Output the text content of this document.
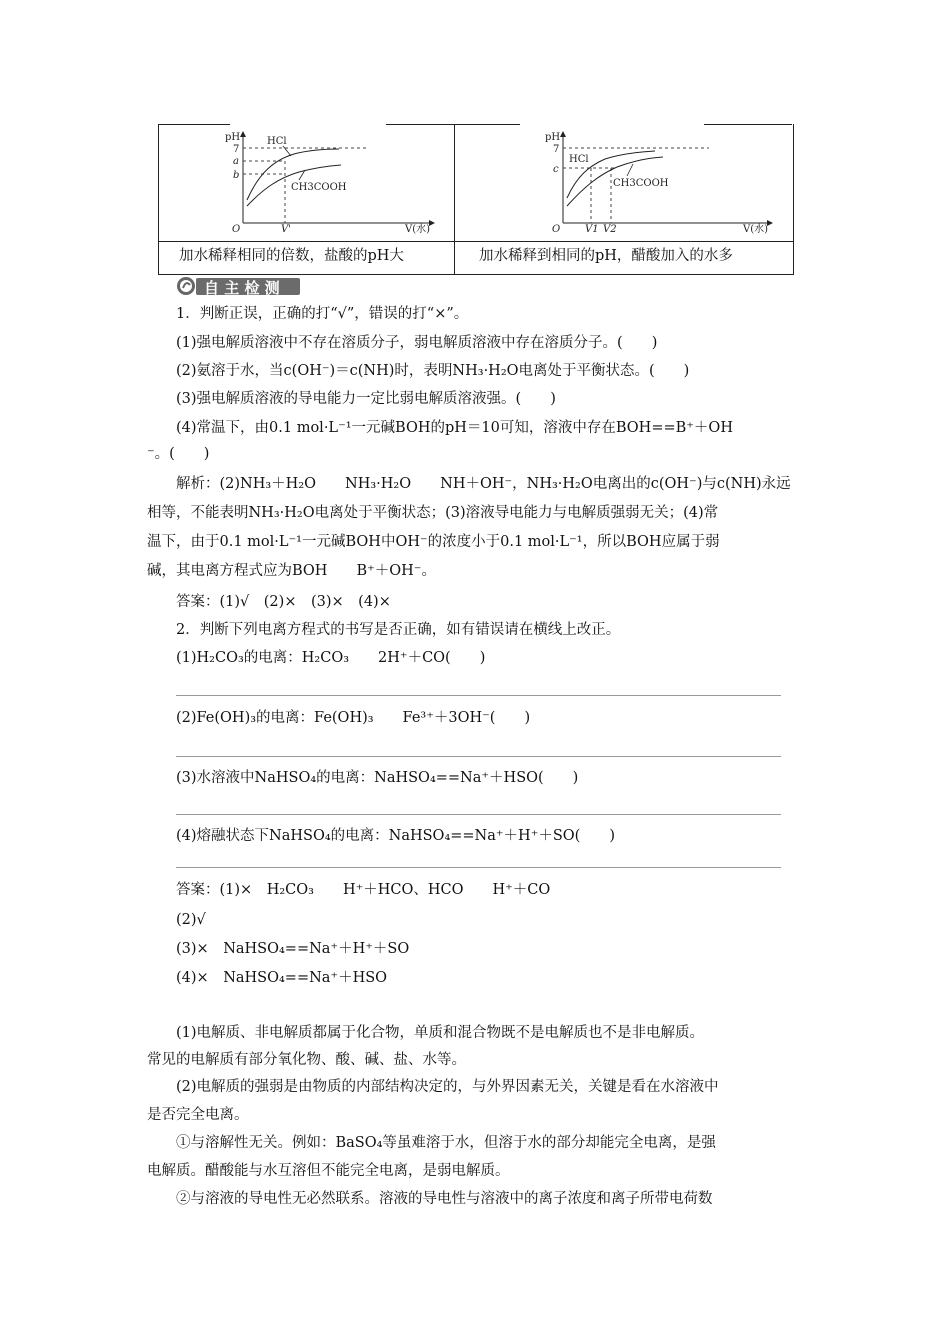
pH
V(水)
O
7
a
b
V'
HCl
CH3COOH
pH
V(水)
O
7
c
V1 V2
HCl
CH3COOH
加水稀释相同的倍数，盐酸的pH大	加水稀释到相同的pH，醋酸加入的水多
自 主 检 测
1．判断正误，正确的打“√”，错误的打“×”。
(1)强电解质溶液中不存在溶质分子，弱电解质溶液中存在溶质分子。(　　)
(2)氨溶于水，当c(OH⁻)＝c(NH)时，表明NH₃·H₂O电离处于平衡状态。(　　)
(3)强电解质溶液的导电能力一定比弱电解质溶液强。(　　)
(4)常温下，由0.1 mol·L⁻¹一元碱BOH的pH＝10可知，溶液中存在BOH==B⁺＋OH
⁻。(　　)
解析：(2)NH₃＋H₂O　　NH₃·H₂O　　NH＋OH⁻，NH₃·H₂O电离出的c(OH⁻)与c(NH)永远
相等，不能表明NH₃·H₂O电离处于平衡状态；(3)溶液导电能力与电解质强弱无关；(4)常
温下，由于0.1 mol·L⁻¹一元碱BOH中OH⁻的浓度小于0.1 mol·L⁻¹，所以BOH应属于弱
碱，其电离方程式应为BOH　　B⁺＋OH⁻。
答案：(1)√　(2)×　(3)×　(4)×
2．判断下列电离方程式的书写是否正确，如有错误请在横线上改正。
(1)H₂CO₃的电离：H₂CO₃　　2H⁺＋CO(　　)
(2)Fe(OH)₃的电离：Fe(OH)₃　　Fe³⁺＋3OH⁻(　　)
(3)水溶液中NaHSO₄的电离：NaHSO₄==Na⁺＋HSO(　　)
(4)熔融状态下NaHSO₄的电离：NaHSO₄==Na⁺＋H⁺＋SO(　　)
答案：(1)×　H₂CO₃　　H⁺＋HCO、HCO　　H⁺＋CO
(2)√
(3)×　NaHSO₄==Na⁺＋H⁺＋SO
(4)×　NaHSO₄==Na⁺＋HSO
(1)电解质、非电解质都属于化合物，单质和混合物既不是电解质也不是非电解质。
常见的电解质有部分氧化物、酸、碱、盐、水等。
(2)电解质的强弱是由物质的内部结构决定的，与外界因素无关，关键是看在水溶液中
是否完全电离。
①与溶解性无关。例如：BaSO₄等虽难溶于水，但溶于水的部分却能完全电离，是强
电解质。醋酸能与水互溶但不能完全电离，是弱电解质。
②与溶液的导电性无必然联系。溶液的导电性与溶液中的离子浓度和离子所带电荷数
